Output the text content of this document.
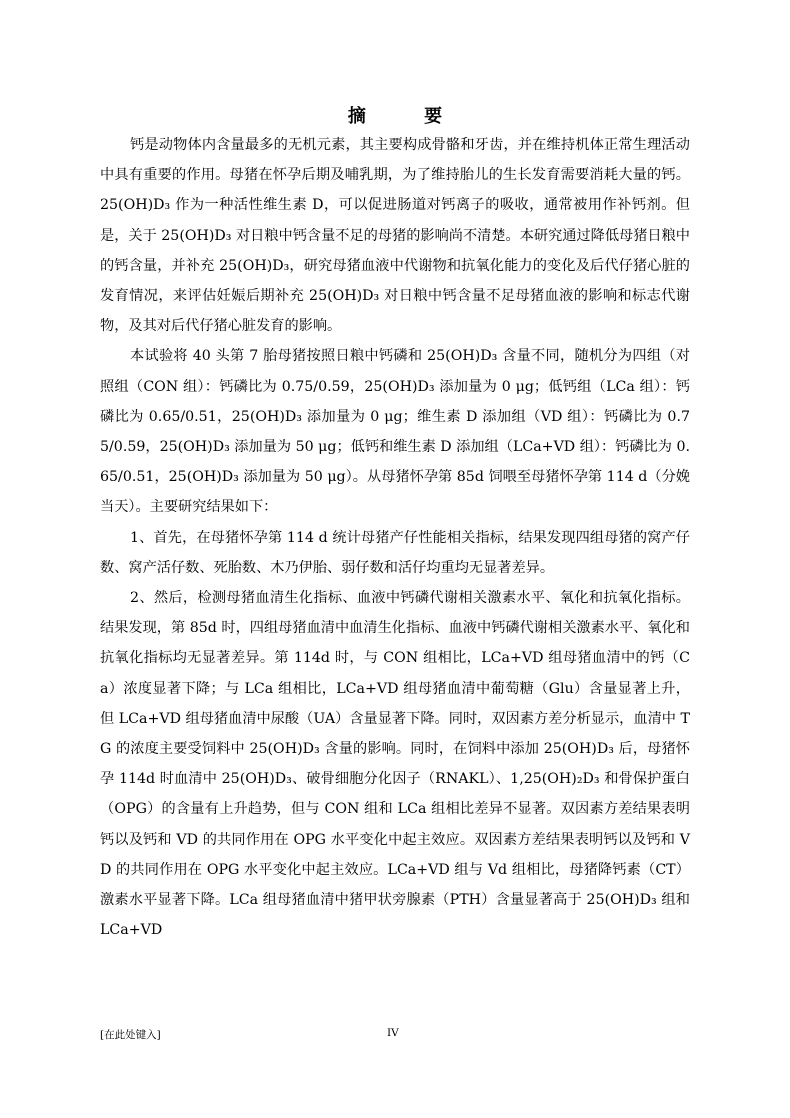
摘 要

钙是动物体内含量最多的无机元素，其主要构成骨骼和牙齿，并在维持机体正常生理活动中具有重要的作用。母猪在怀孕后期及哺乳期，为了维持胎儿的生长发育需要消耗大量的钙。25(OH)D₃ 作为一种活性维生素 D，可以促进肠道对钙离子的吸收，通常被用作补钙剂。但是，关于 25(OH)D₃ 对日粮中钙含量不足的母猪的影响尚不清楚。本研究通过降低母猪日粮中的钙含量，并补充 25(OH)D₃，研究母猪血液中代谢物和抗氧化能力的变化及后代仔猪心脏的发育情况，来评估妊娠后期补充 25(OH)D₃ 对日粮中钙含量不足母猪血液的影响和标志代谢物，及其对后代仔猪心脏发育的影响。

本试验将 40 头第 7 胎母猪按照日粮中钙磷和 25(OH)D₃ 含量不同，随机分为四组（对照组（CON 组）：钙磷比为 0.75/0.59，25(OH)D₃ 添加量为 0 μg；低钙组（LCa 组）：钙磷比为 0.65/0.51，25(OH)D₃ 添加量为 0 μg；维生素 D 添加组（VD 组）：钙磷比为 0.75/0.59，25(OH)D₃ 添加量为 50 μg；低钙和维生素 D 添加组（LCa+VD 组）：钙磷比为 0.65/0.51，25(OH)D₃ 添加量为 50 μg）。从母猪怀孕第 85d 饲喂至母猪怀孕第 114 d（分娩当天）。主要研究结果如下：

1、首先，在母猪怀孕第 114 d 统计母猪产仔性能相关指标，结果发现四组母猪的窝产仔数、窝产活仔数、死胎数、木乃伊胎、弱仔数和活仔均重均无显著差异。

2、然后，检测母猪血清生化指标、血液中钙磷代谢相关激素水平、氧化和抗氧化指标。结果发现，第 85d 时，四组母猪血清中血清生化指标、血液中钙磷代谢相关激素水平、氧化和抗氧化指标均无显著差异。第 114d 时，与 CON 组相比，LCa+VD 组母猪血清中的钙（Ca）浓度显著下降；与 LCa 组相比，LCa+VD 组母猪血清中葡萄糖（Glu）含量显著上升，但 LCa+VD 组母猪血清中尿酸（UA）含量显著下降。同时，双因素方差分析显示，血清中 TG 的浓度主要受饲料中 25(OH)D₃ 含量的影响。同时，在饲料中添加 25(OH)D₃ 后，母猪怀孕 114d 时血清中 25(OH)D₃、破骨细胞分化因子（RNAKL）、1,25(OH)₂D₃ 和骨保护蛋白（OPG）的含量有上升趋势，但与 CON 组和 LCa 组相比差异不显著。双因素方差结果表明钙以及钙和 VD 的共同作用在 OPG 水平变化中起主效应。双因素方差结果表明钙以及钙和 VD 的共同作用在 OPG 水平变化中起主效应。LCa+VD 组与 Vd 组相比，母猪降钙素（CT）激素水平显著下降。LCa 组母猪血清中猪甲状旁腺素（PTH）含量显著高于 25(OH)D₃ 组和 LCa+VD

[在此处键入]	IV
